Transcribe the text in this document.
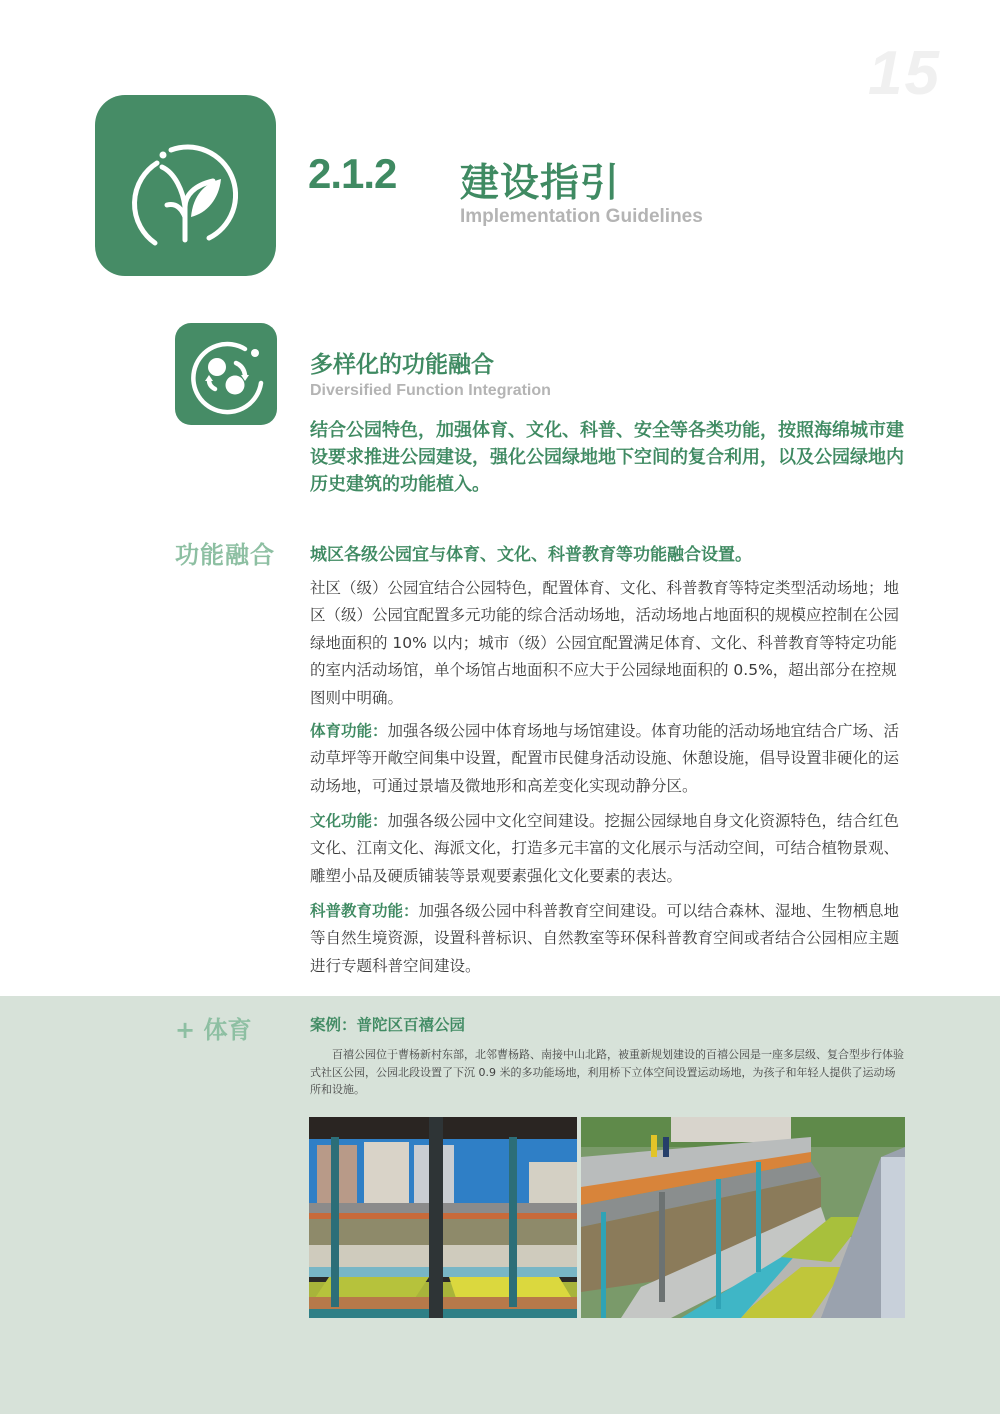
15
2.1.2 建设指引
Implementation Guidelines
多样化的功能融合
Diversified Function Integration
结合公园特色，加强体育、文化、科普、安全等各类功能，按照海绵城市建设要求推进公园建设，强化公园绿地地下空间的复合利用，以及公园绿地内历史建筑的功能植入。
功能融合 城区各级公园宜与体育、文化、科普教育等功能融合设置。
社区（级）公园宜结合公园特色，配置体育、文化、科普教育等特定类型活动场地；地区（级）公园宜配置多元功能的综合活动场地，活动场地占地面积的规模应控制在公园绿地面积的 10% 以内；城市（级）公园宜配置满足体育、文化、科普教育等特定功能的室内活动场馆，单个场馆占地面积不应大于公园绿地面积的 0.5%，超出部分在控规图则中明确。
体育功能：加强各级公园中体育场地与场馆建设。体育功能的活动场地宜结合广场、活动草坪等开敞空间集中设置，配置市民健身活动设施、休憩设施，倡导设置非硬化的运动场地，可通过景墙及微地形和高差变化实现动静分区。
文化功能：加强各级公园中文化空间建设。挖掘公园绿地自身文化资源特色，结合红色文化、江南文化、海派文化，打造多元丰富的文化展示与活动空间，可结合植物景观、雕塑小品及硬质铺装等景观要素强化文化要素的表达。
科普教育功能：加强各级公园中科普教育空间建设。可以结合森林、湿地、生物栖息地等自然生境资源，设置科普标识、自然教室等环保科普教育空间或者结合公园相应主题进行专题科普空间建设。
+ 体育	案例：普陀区百禧公园
百禧公园位于曹杨新村东部，北邻曹杨路、南接中山北路，被重新规划建设的百禧公园是一座多层级、复合型步行体验式社区公园，公园北段设置了下沉 0.9 米的多功能场地，利用桥下立体空间设置运动场地，为孩子和年轻人提供了运动场所和设施。
